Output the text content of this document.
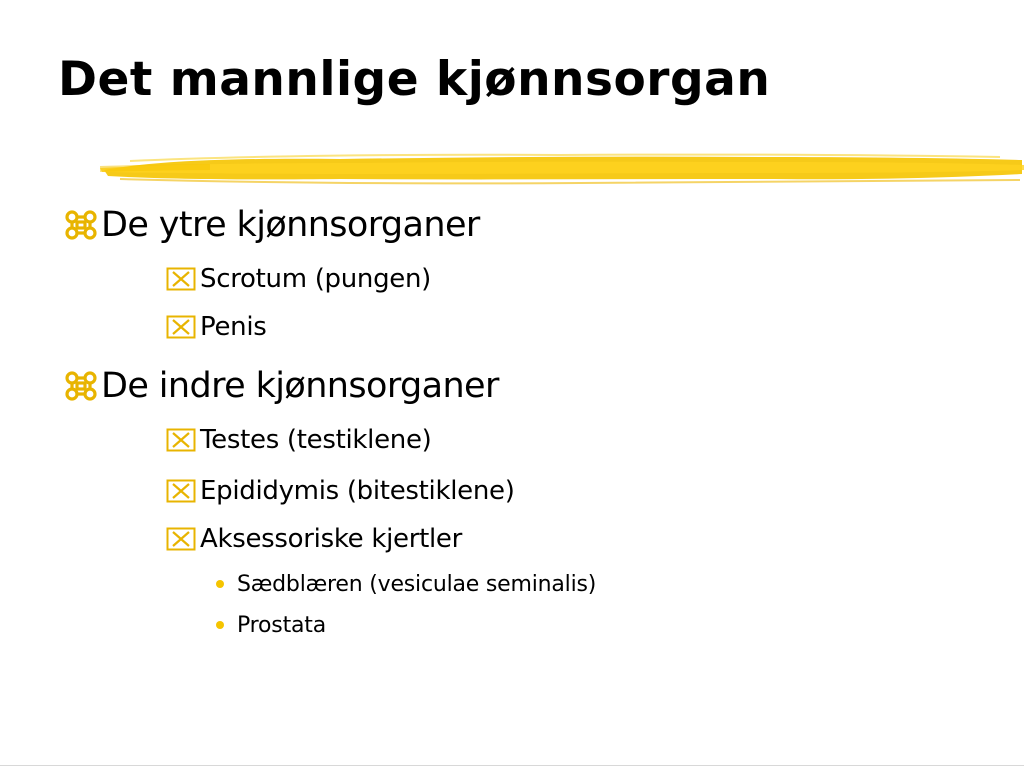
Det mannlige kjønnsorgan
De ytre kjønnsorganer
Scrotum (pungen)
Penis
De indre kjønnsorganer
Testes (testiklene)
Epididymis (bitestiklene)
Aksessoriske kjertler
Sædblæren (vesiculae seminalis)
Prostata
